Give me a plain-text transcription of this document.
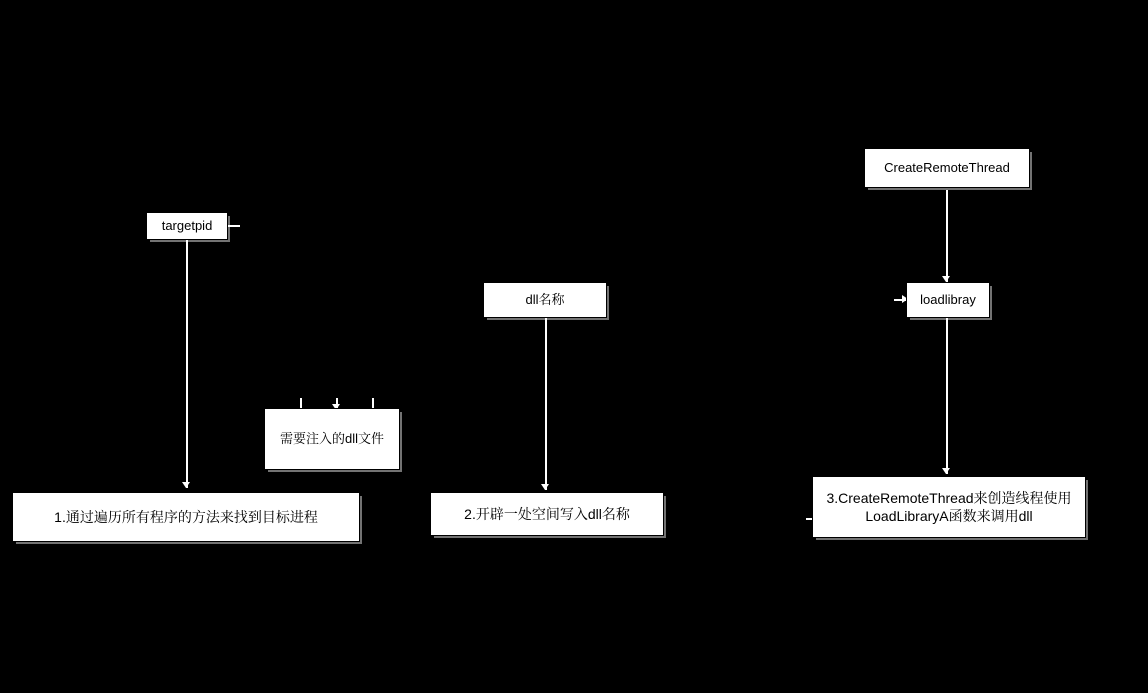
targetpid
CreateRemoteThread
dll名称	loadlibray
需要注入的dll文件
1.通过遍历所有程序的方法来找到目标进程	2.开辟一处空间写入dll名称
3.CreateRemoteThread来创造线程使用LoadLibraryA函数来调用dll
